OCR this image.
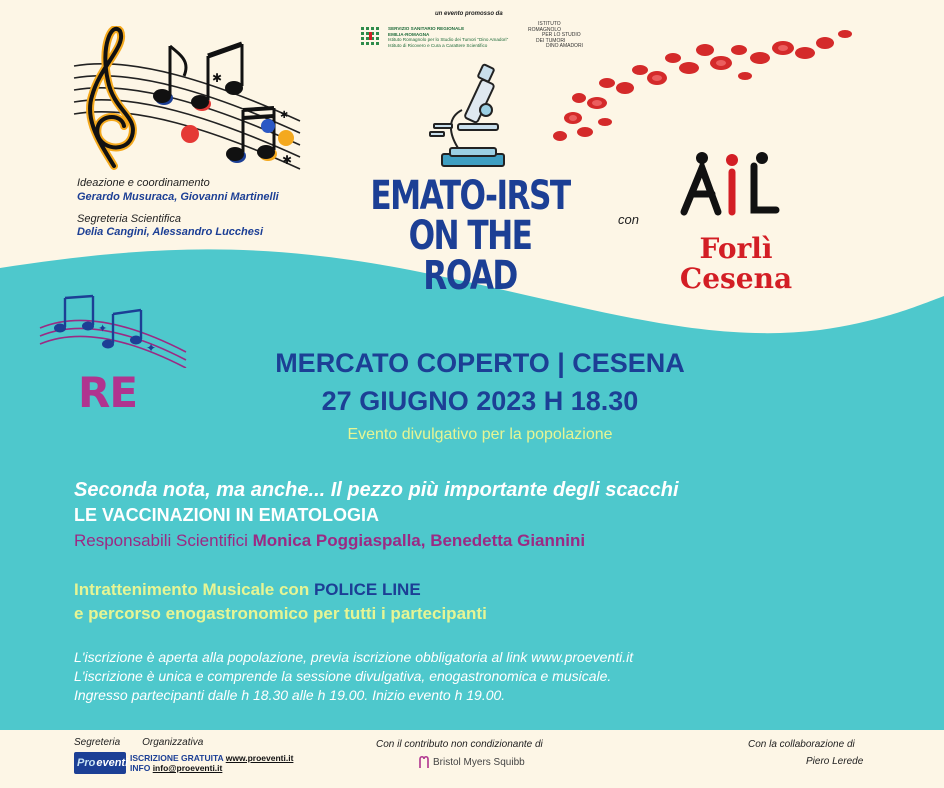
un evento promosso da
SERVIZIO SANITARIO REGIONALE
EMILIA-ROMAGNA
Istituto Romagnolo per lo Studio dei Tumori "Dino Amadori"
Istituto di Ricovero e Cura a Carattere Scientifico
ISTITUTO
ROMAGNOLO
PER LO STUDIO
DEI TUMORI
DINO AMADORI
✱
✱
✱
Ideazione e coordinamento
Gerardo Musuraca, Giovanni Martinelli
Segreteria Scientifica
Delia Cangini, Alessandro Lucchesi
EMATO-IRST
ON THE ROAD
con
Forlì
Cesena
✦
✦
RE
MERCATO COPERTO | CESENA
27 GIUGNO 2023 H 18.30
Evento divulgativo per la popolazione
Seconda nota, ma anche... Il pezzo più importante degli scacchi
LE VACCINAZIONI IN EMATOLOGIA
Responsabili Scientifici Monica Poggiaspalla, Benedetta Giannini
Intrattenimento Musicale con POLICE LINE
e percorso enogastronomico per tutti i partecipanti
L'iscrizione è aperta alla popolazione, previa iscrizione obbligatoria al link www.proeventi.it
L'iscrizione è unica e comprende la sessione divulgativa, enogastronomica e musicale.
Ingresso partecipanti dalle h 18.30 alle h 19.00. Inizio evento h 19.00.
Segreteria Organizzativa
Pro eventi ISCRIZIONE GRATUITA www.proeventi.it
INFO info@proeventi.it
Con il contributo non condizionante di
Bristol Myers Squibb
Con la collaborazione di
Piero Lerede
